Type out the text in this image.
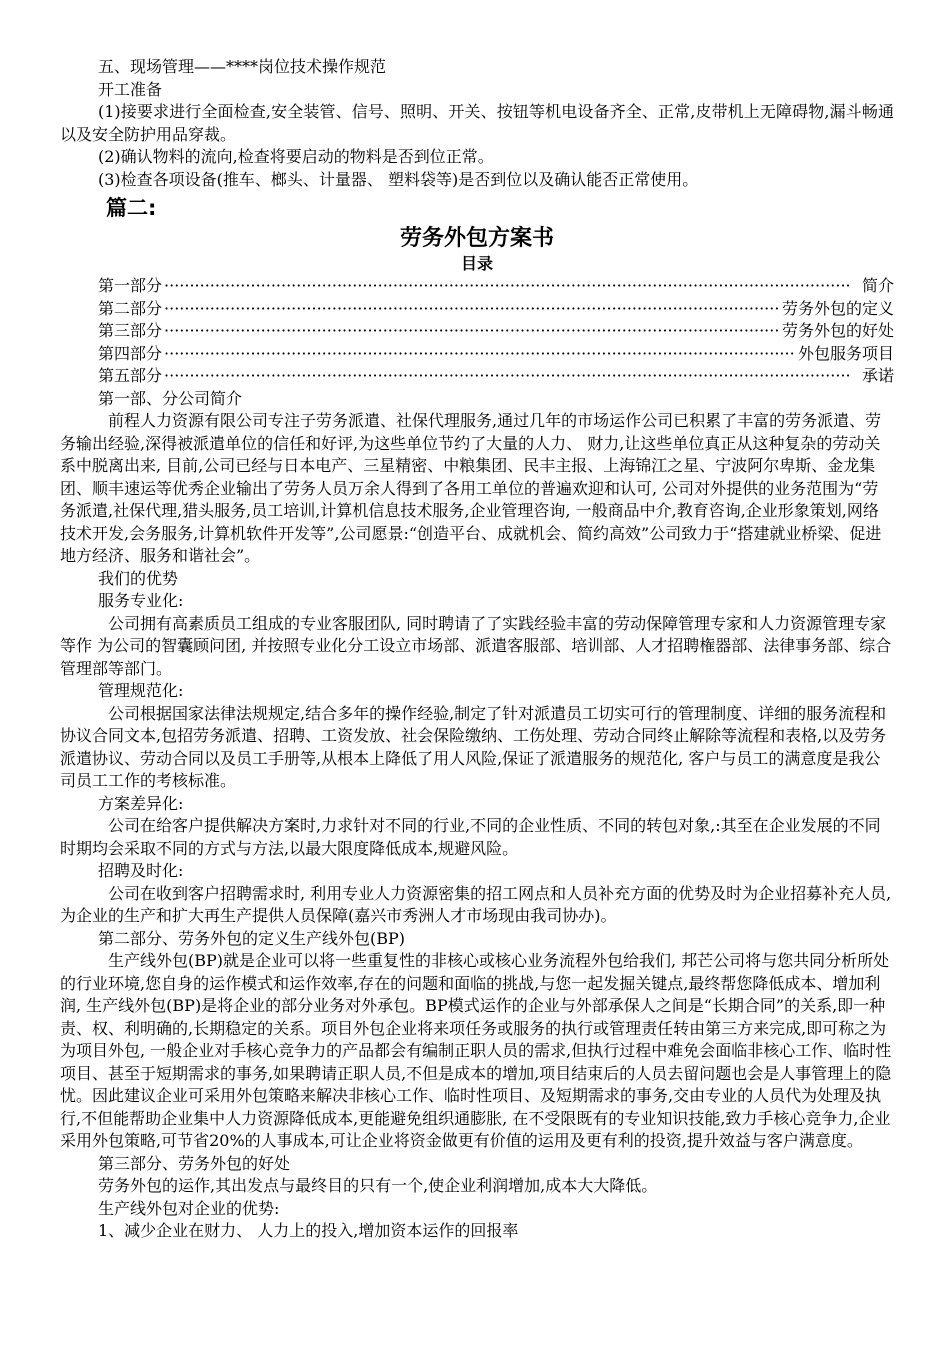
五、现场管理——****岗位技术操作规范
开工准备
(1)接要求进行全面检查,安全装管、信号、照明、开关、按钮等机电设备齐全、正常,皮带机上无障碍物,漏斗畅通以及安全防护用品穿裁。
(2)确认物料的流向,检查将要启动的物料是否到位正常。
(3)检查各项设备(推车、榔头、计量器、 塑料袋等)是否到位以及确认能否正常使用。
篇二:
劳务外包方案书
目录
第一部分 ·····	简介
第二部分 ·····	劳务外包的定义
第三部分 ·····	劳务外包的好处
第四部分 ·····	外包服务项目
第五部分 ·····	承诺
第一部、分公司简介
前程人力资源有限公司专注子劳务派遣、社保代理服务,通过几年的市场运作公司已积累了丰富的劳务派遣、劳务输出经验,深得被派遣单位的信任和好评,为这些单位节约了大量的人力、 财力,让这些单位真正从这种复杂的劳动关系中脱离出来, 目前,公司已经与日本电产、三星精密、中粮集团、民丰主报、上海锦江之星、宁波阿尔卑斯、金龙集团、顺丰速运等优秀企业输出了劳务人员万余人得到了各用工单位的普遍欢迎和认可, 公司对外提供的业务范围为“劳务派遣,社保代理,猎头服务,员工培训,计算机信息技术服务,企业管理咨询, 一般商品中介,教育咨询,企业形象策划,网络技术开发,会务服务,计算机软件开发等”,公司愿景:“创造平台、成就机会、简约高效”公司致力于“搭建就业桥梁、促进地方经济、服务和谐社会”。
我们的优势
服务专业化:
公司拥有高素质员工组成的专业客服团队, 同时聘请了了实践经验丰富的劳动保障管理专家和人力资源管理专家等作 为公司的智囊顾问团, 并按照专业化分工设立市场部、派遣客服部、培训部、人才招聘権器部、法律事务部、综合管理部等部门。
管理规范化:
公司根据国家法律法规规定,结合多年的操作经验,制定了针对派遣员工切实可行的管理制度、详细的服务流程和协议合同文本,包招劳务派遣、招聘、工资发放、社会保险缴纳、工伤处理、劳动合同终止解除等流程和表格,以及劳务派遣协议、劳动合同以及员工手册等,从根本上降低了用人风险,保证了派遣服务的规范化, 客户与员工的满意度是我公司员工工作的考核标准。
方案差异化:
公司在给客户提供解决方案时,力求针对不同的行业,不同的企业性质、不同的转包对象,:其至在企业发展的不同时期均会采取不同的方式与方法,以最大限度降低成本,规避风险。
招聘及时化:
公司在收到客户招聘需求时, 利用专业人力资源密集的招工网点和人员补充方面的优势及时为企业招募补充人员,为企业的生产和扩大再生产提供人员保障(嘉兴市秀洲人才市场现由我司协办)。
第二部分、劳务外包的定义生产线外包(BP)
生产线外包(BP)就是企业可以将一些重复性的非核心或核心业务流程外包给我们, 邦芒公司将与您共同分析所处的行业环境,您自身的运作模式和运作效率,存在的问题和面临的挑战,与您一起发掘关键点,最终帮您降低成本、增加利润, 生产线外包(BP)是将企业的部分业务对外承包。BP模式运作的企业与外部承保人之间是“长期合同”的关系,即一种责、权、利明确的,长期稳定的关系。项目外包企业将来项任务或服务的执行或管理责任转由第三方来完成,即可称之为为项目外包, 一般企业对手核心竞争力的产品都会有编制正职人员的需求,但执行过程中难免会面临非核心工作、临时性项目、甚至于短期需求的事务,如果聘请正职人员,不但是成本的增加,项目结束后的人员去留问题也会是人事管理上的隐忧。因此建议企业可采用外包策略来解决非核心工作、临时性项目、及短期需求的事务,交由专业的人员代为处理及执行,不但能帮助企业集中人力资源降低成本,更能避免组织通膨胀, 在不受限既有的专业知识技能,致力手核心竞争力,企业采用外包策略,可节省20%的人事成本,可让企业将资金做更有价值的运用及更有利的投资,提升效益与客户满意度。
第三部分、劳务外包的好处
劳务外包的运作,其出发点与最终目的只有一个,使企业利润增加,成本大大降低。
生产线外包对企业的优势:
1、减少企业在财力、 人力上的投入,增加资本运作的回报率
